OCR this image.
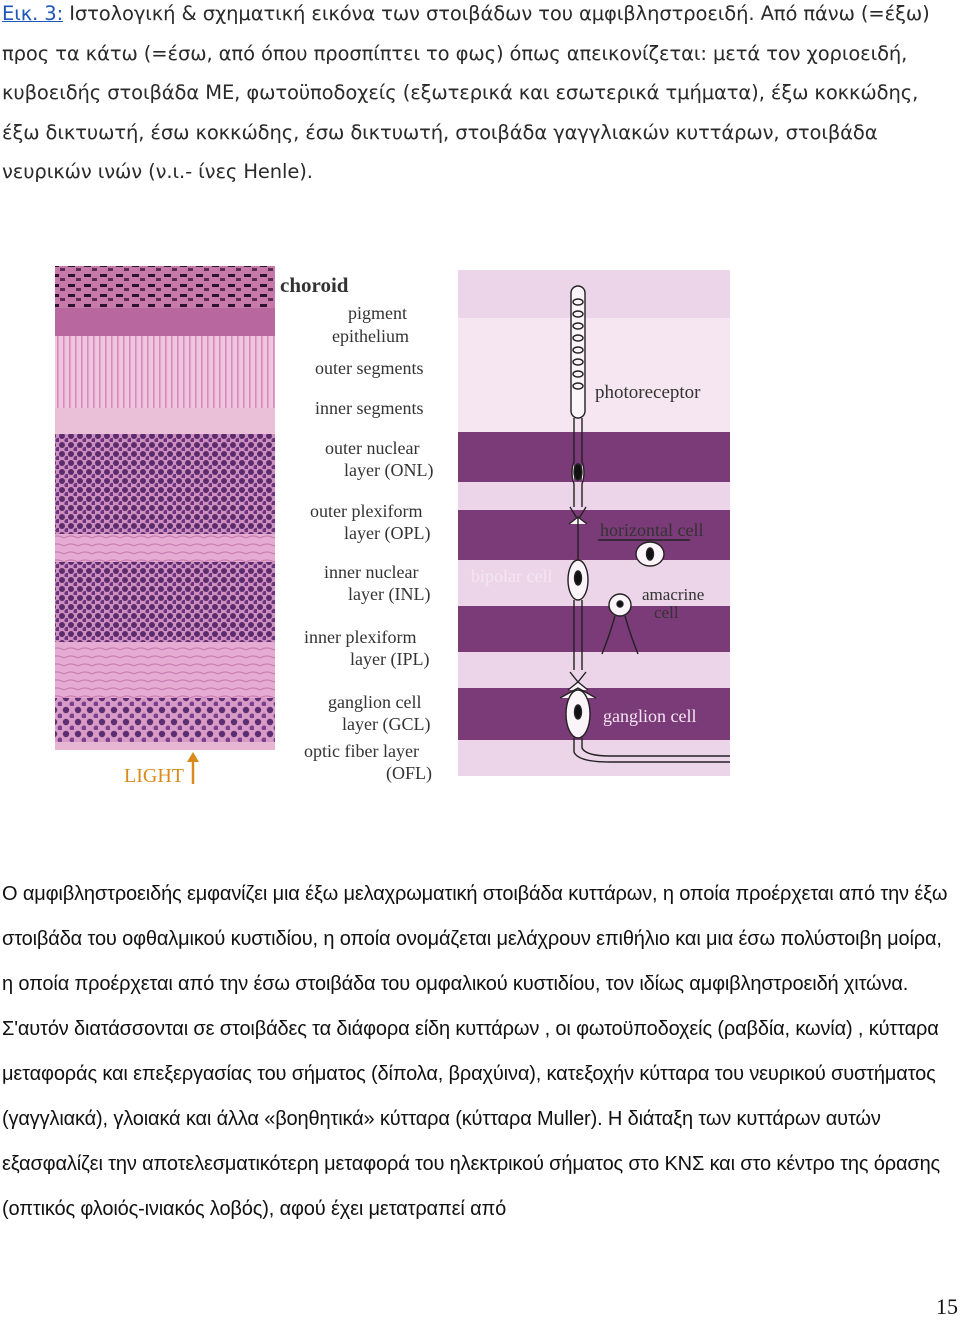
Εικ. 3: Ιστολογική & σχηματική εικόνα των στοιβάδων του αμφιβληστροειδή. Από πάνω (=έξω) προς τα κάτω (=έσω, από όπου προσπίπτει το φως) όπως απεικονίζεται: μετά τον χοριοειδή, κυβοειδής στοιβάδα ΜΕ, φωτοϋποδοχείς (εξωτερικά και εσωτερικά τμήματα), έξω κοκκώδης, έξω δικτυωτή, έσω κοκκώδης, έσω δικτυωτή, στοιβάδα γαγγλιακών κυττάρων, στοιβάδα νευρικών ινών (ν.ι.- ίνες Henle).
choroid
pigment
epithelium
outer segments
inner segments
outer nuclear
layer (ONL)
outer plexiform
layer (OPL)
inner nuclear
layer (INL)
inner plexiform
layer (IPL)
ganglion cell
layer (GCL)
optic fiber layer
(OFL)
LIGHT
photoreceptor
horizontal cell
bipolar cell
amacrine
cell
ganglion cell

Ο αμφιβληστροειδής εμφανίζει μια έξω μελαχρωματική στοιβάδα κυττάρων, η οποία προέρχεται από την έξω στοιβάδα του οφθαλμικού κυστιδίου, η οποία ονομάζεται μελάχρουν επιθήλιο και μια έσω πολύστοιβη μοίρα, η οποία προέρχεται από την έσω στοιβάδα του ομφαλικού κυστιδίου, τον ιδίως αμφιβληστροειδή χιτώνα. Σ'αυτόν διατάσσονται σε στοιβάδες τα διάφορα είδη κυττάρων , οι φωτοϋποδοχείς (ραβδία, κωνία) , κύτταρα μεταφοράς και επεξεργασίας του σήματος (δίπολα, βραχύινα), κατεξοχήν κύτταρα του νευρικού συστήματος (γαγγλιακά), γλοιακά και άλλα «βοηθητικά» κύτταρα (κύτταρα Muller). Η διάταξη των κυττάρων αυτών εξασφαλίζει την αποτελεσματικότερη μεταφορά του ηλεκτρικού σήματος στο ΚΝΣ και στο κέντρο της όρασης (οπτικός φλοιός-ινιακός λοβός), αφού έχει μετατραπεί από

15
